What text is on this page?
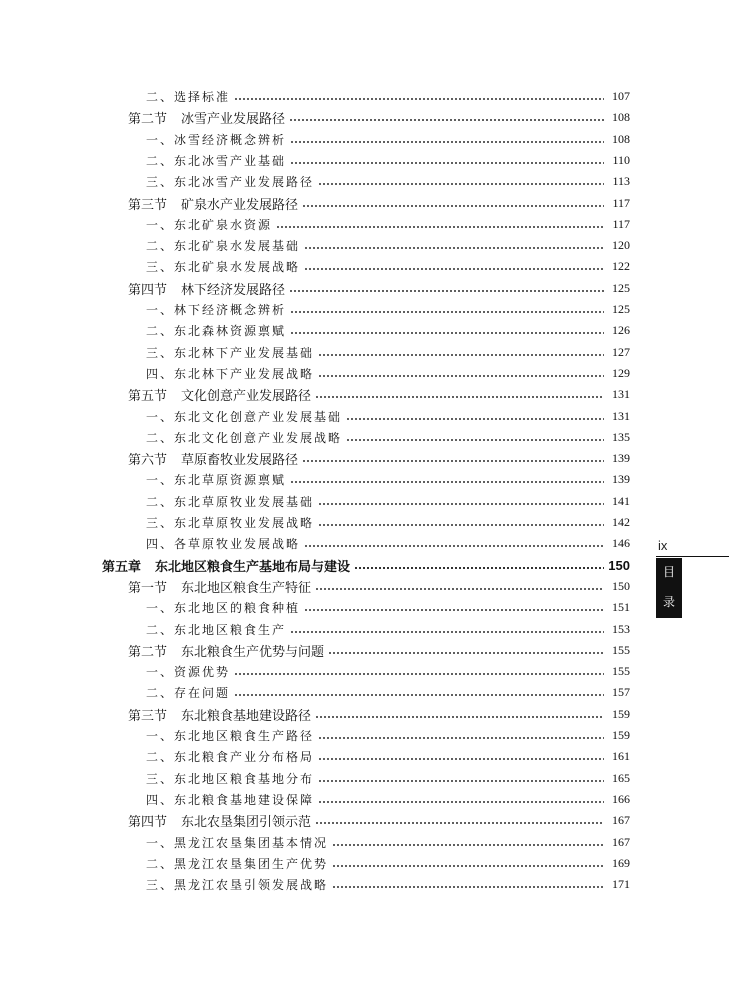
二、选择标准	107
第二节 冰雪产业发展路径	108
一、冰雪经济概念辨析	108
二、东北冰雪产业基础	110
三、东北冰雪产业发展路径	113
第三节 矿泉水产业发展路径	117
一、东北矿泉水资源	117
二、东北矿泉水发展基础	120
三、东北矿泉水发展战略	122
第四节 林下经济发展路径	125
一、林下经济概念辨析	125
二、东北森林资源禀赋	126
三、东北林下产业发展基础	127
四、东北林下产业发展战略	129
第五节 文化创意产业发展路径	131
一、东北文化创意产业发展基础	131
二、东北文化创意产业发展战略	135
第六节 草原畜牧业发展路径	139
一、东北草原资源禀赋	139
二、东北草原牧业发展基础	141
三、东北草原牧业发展战略	142
四、各草原牧业发展战略	146
第五章 东北地区粮食生产基地布局与建设	150
第一节 东北地区粮食生产特征	150
一、东北地区的粮食种植	151
二、东北地区粮食生产	153
第二节 东北粮食生产优势与问题	155
一、资源优势	155
二、存在问题	157
第三节 东北粮食基地建设路径	159
一、东北地区粮食生产路径	159
二、东北粮食产业分布格局	161
三、东北地区粮食基地分布	165
四、东北粮食基地建设保障	166
第四节 东北农垦集团引领示范	167
一、黑龙江农垦集团基本情况	167
二、黑龙江农垦集团生产优势	169
三、黑龙江农垦引领发展战略	171
ix
目
录
